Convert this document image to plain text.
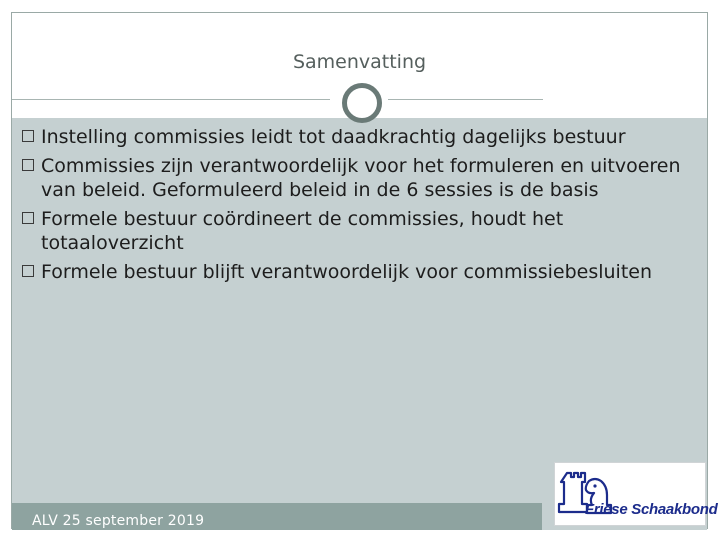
Samenvatting
Instelling commissies leidt tot daadkrachtig dagelijks bestuur
Commissies zijn verantwoordelijk voor het formuleren en uitvoeren van beleid. Geformuleerd beleid in de 6 sessies is de basis
Formele bestuur coördineert de commissies, houdt het totaaloverzicht
Formele bestuur blijft verantwoordelijk voor commissiebesluiten
ALV 25 september 2019
Friese Schaakbond
